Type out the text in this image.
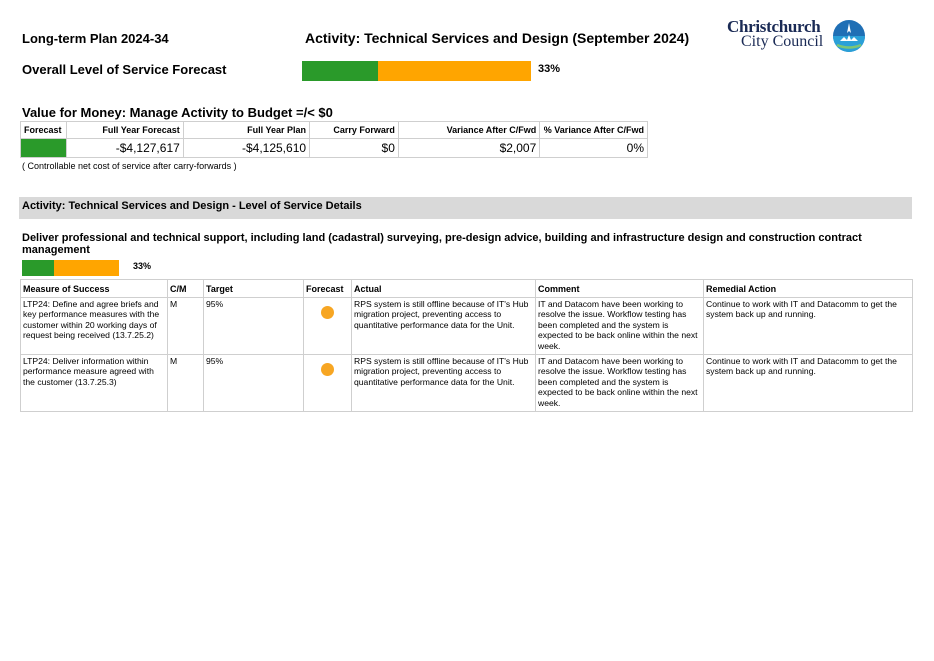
Long-term Plan 2024-34	Activity: Technical Services and Design (September 2024)
Christchurch
City Council
Overall Level of Service Forecast	33%
Value for Money: Manage Activity to Budget =/< $0
Forecast	Full Year Forecast	Full Year Plan	Carry Forward	Variance After C/Fwd	% Variance After C/Fwd
	-$4,127,617	-$4,125,610	$0	$2,007	0%
( Controllable net cost of service after carry-forwards )
Activity: Technical Services and Design - Level of Service Details
Deliver professional and technical support, including land (cadastral) surveying, pre-design advice, building and infrastructure design and construction contract management
33%
Measure of Success	C/M	Target	Forecast	Actual	Comment	Remedial Action
LTP24: Define and agree briefs and key performance measures with the customer within 20 working days of request being received (13.7.25.2)	M	95%		RPS system is still offline because of IT's Hub migration project, preventing access to quantitative performance data for the Unit.	IT and Datacom have been working to resolve the issue. Workflow testing has been completed and the system is expected to be back online within the next week.	Continue to work with IT and Datacomm to get the system back up and running.
LTP24: Deliver information within performance measure agreed with the customer (13.7.25.3)	M	95%		RPS system is still offline because of IT's Hub migration project, preventing access to quantitative performance data for the Unit.	IT and Datacom have been working to resolve the issue. Workflow testing has been completed and the system is expected to be back online within the next week.	Continue to work with IT and Datacomm to get the system back up and running.
